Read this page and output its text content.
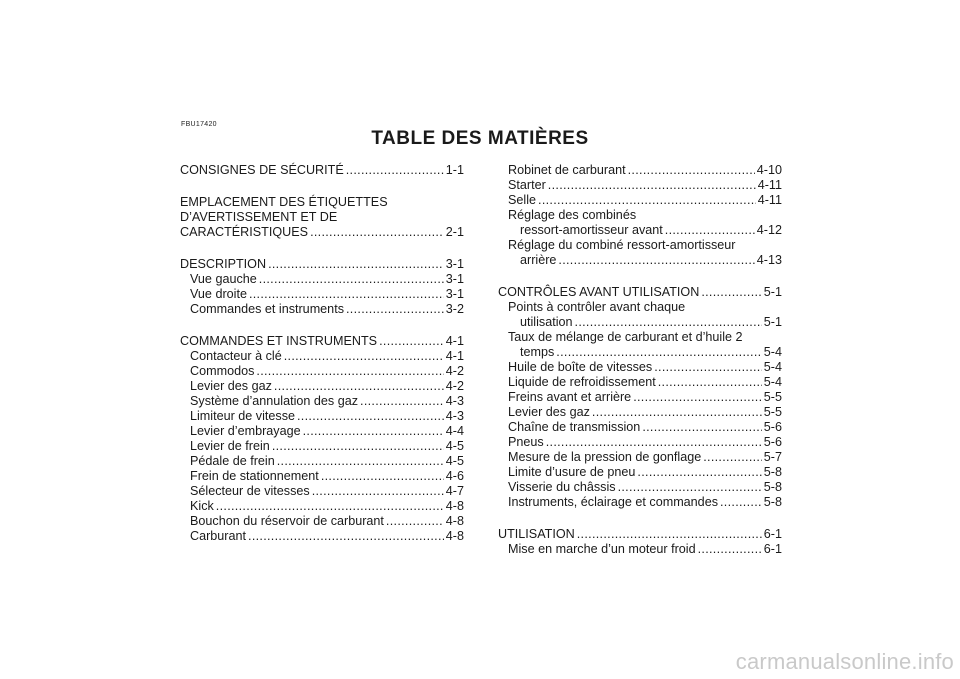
FBU17420
TABLE DES MATIÈRES
CONSIGNES DE SÉCURITÉ .....	1-1
EMPLACEMENT DES ÉTIQUETTES
D’AVERTISSEMENT ET DE
CARACTÉRISTIQUES .....	2-1
DESCRIPTION .....	3-1
Vue gauche .....	3-1
Vue droite .....	3-1
Commandes et instruments .....	3-2
COMMANDES ET INSTRUMENTS .....	4-1
Contacteur à clé .....	4-1
Commodos .....	4-2
Levier des gaz .....	4-2
Système d’annulation des gaz .....	4-3
Limiteur de vitesse .....	4-3
Levier d’embrayage .....	4-4
Levier de frein .....	4-5
Pédale de frein .....	4-5
Frein de stationnement .....	4-6
Sélecteur de vitesses .....	4-7
Kick .....	4-8
Bouchon du réservoir de carburant .....	4-8
Carburant .....	4-8
Robinet de carburant .....	4-10
Starter .....	4-11
Selle .....	4-11
Réglage des combinés
ressort-amortisseur avant .....	4-12
Réglage du combiné ressort-amortisseur
arrière .....	4-13
CONTRÔLES AVANT UTILISATION .....	5-1
Points à contrôler avant chaque
utilisation .....	5-1
Taux de mélange de carburant et d’huile 2
temps .....	5-4
Huile de boîte de vitesses .....	5-4
Liquide de refroidissement .....	5-4
Freins avant et arrière .....	5-5
Levier des gaz .....	5-5
Chaîne de transmission .....	5-6
Pneus .....	5-6
Mesure de la pression de gonflage .....	5-7
Limite d’usure de pneu .....	5-8
Visserie du châssis .....	5-8
Instruments, éclairage et commandes .....	5-8
UTILISATION .....	6-1
Mise en marche d’un moteur froid .....	6-1
carmanualsonline.info
